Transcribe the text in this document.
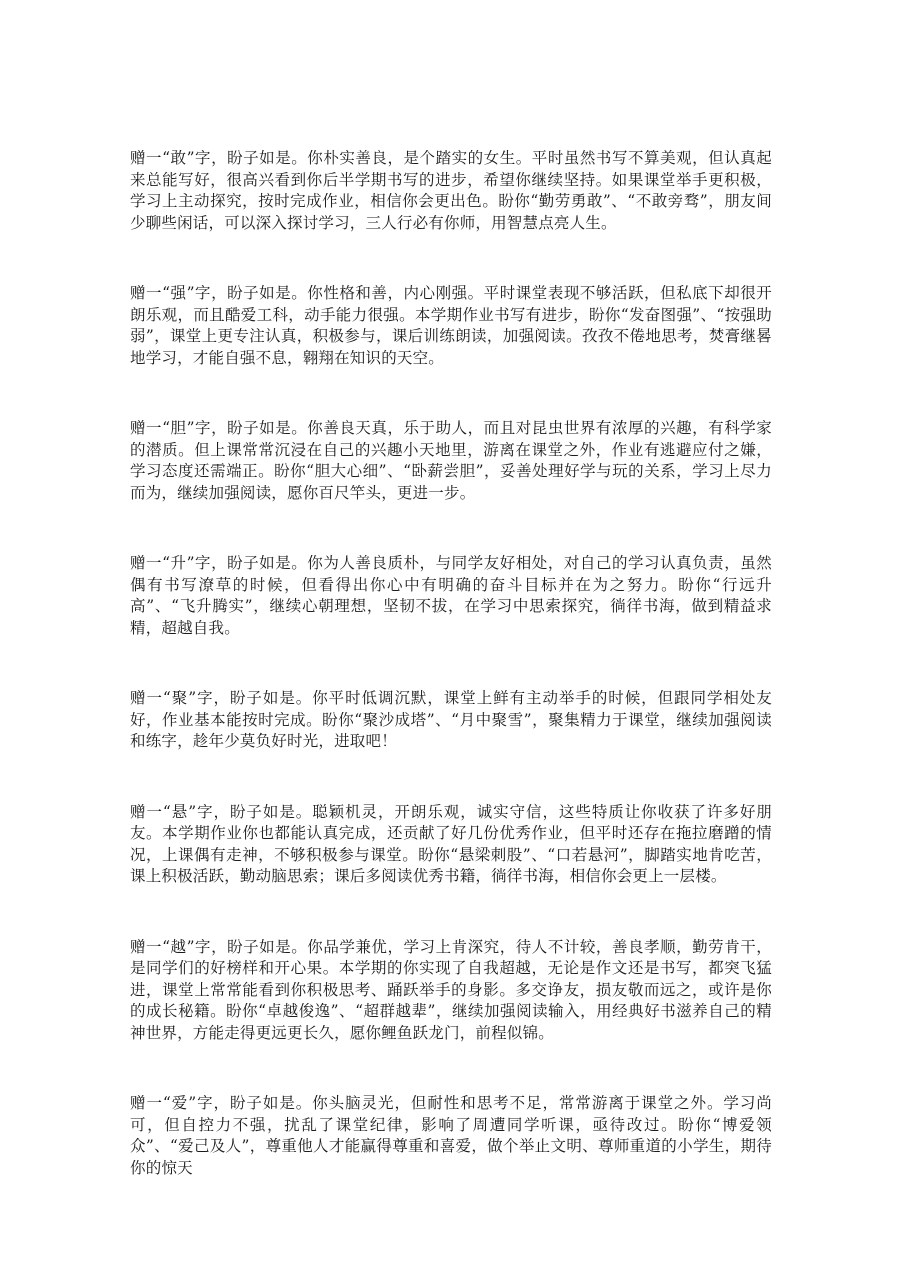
赠一“敢”字，盼子如是。你朴实善良，是个踏实的女生。平时虽然书写不算美观，但认真起来总能写好，很高兴看到你后半学期书写的进步，希望你继续坚持。如果课堂举手更积极，学习上主动探究，按时完成作业，相信你会更出色。盼你“勤劳勇敢”、“不敢旁骛”，朋友间少聊些闲话，可以深入探讨学习，三人行必有你师，用智慧点亮人生。

赠一“强”字，盼子如是。你性格和善，内心刚强。平时课堂表现不够活跃，但私底下却很开朗乐观，而且酷爱工科，动手能力很强。本学期作业书写有进步，盼你“发奋图强”、“按强助弱”，课堂上更专注认真，积极参与，课后训练朗读，加强阅读。孜孜不倦地思考，焚膏继晷地学习，才能自强不息，翱翔在知识的天空。

赠一“胆”字，盼子如是。你善良天真，乐于助人，而且对昆虫世界有浓厚的兴趣，有科学家的潜质。但上课常常沉浸在自己的兴趣小天地里，游离在课堂之外，作业有逃避应付之嫌，学习态度还需端正。盼你“胆大心细”、“卧薪尝胆”，妥善处理好学与玩的关系，学习上尽力而为，继续加强阅读，愿你百尺竿头，更进一步。

赠一“升”字，盼子如是。你为人善良质朴，与同学友好相处，对自己的学习认真负责，虽然偶有书写潦草的时候，但看得出你心中有明确的奋斗目标并在为之努力。盼你“行远升高”、“飞升腾实”，继续心朝理想，坚韧不拔，在学习中思索探究，徜徉书海，做到精益求精，超越自我。

赠一“聚”字，盼子如是。你平时低调沉默，课堂上鲜有主动举手的时候，但跟同学相处友好，作业基本能按时完成。盼你“聚沙成塔”、“月中聚雪”，聚集精力于课堂，继续加强阅读和练字，趁年少莫负好时光，进取吧！

赠一“悬”字，盼子如是。聪颖机灵，开朗乐观，诚实守信，这些特质让你收获了许多好朋友。本学期作业你也都能认真完成，还贡献了好几份优秀作业，但平时还存在拖拉磨蹭的情况，上课偶有走神，不够积极参与课堂。盼你“悬梁刺股”、“口若悬河”，脚踏实地肯吃苦，课上积极活跃，勤动脑思索；课后多阅读优秀书籍，徜徉书海，相信你会更上一层楼。

赠一“越”字，盼子如是。你品学兼优，学习上肯深究，待人不计较，善良孝顺，勤劳肯干，是同学们的好榜样和开心果。本学期的你实现了自我超越，无论是作文还是书写，都突飞猛进，课堂上常常能看到你积极思考、踊跃举手的身影。多交诤友，损友敬而远之，或许是你的成长秘籍。盼你“卓越俊逸”、“超群越辈”，继续加强阅读输入，用经典好书滋养自己的精神世界，方能走得更远更长久，愿你鲤鱼跃龙门，前程似锦。

赠一“爱”字，盼子如是。你头脑灵光，但耐性和思考不足，常常游离于课堂之外。学习尚可，但自控力不强，扰乱了课堂纪律，影响了周遭同学听课，亟待改过。盼你“博爱领众”、“爱己及人”，尊重他人才能赢得尊重和喜爱，做个举止文明、尊师重道的小学生，期待你的惊天
